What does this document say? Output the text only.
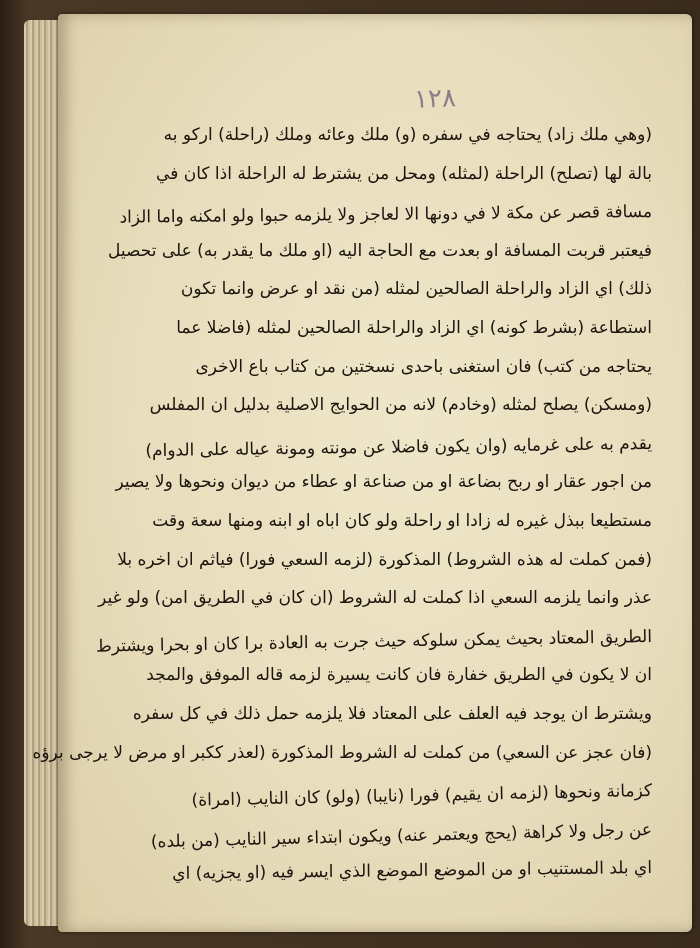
١٢٨
(وهي ملك زاد) يحتاجه في سفره (و) ملك وعائه وملك (راحلة) اركو به
بالة لها (تصلح) الراحلة (لمثله) ومحل من يشترط له الراحلة اذا كان في
مسافة قصر عن مكة لا في دونها الا لعاجز ولا يلزمه حبوا ولو امكنه واما الزاد
فيعتبر قربت المسافة او بعدت مع الحاجة اليه (او ملك ما يقدر به) على تحصيل
ذلك) اي الزاد والراحلة الصالحين لمثله (من نقد او عرض وانما تكون
استطاعة (بشرط كونه) اي الزاد والراحلة الصالحين لمثله (فاضلا عما
يحتاجه من كتب) فان استغنى باحدى نسختين من كتاب باع الاخرى
(ومسكن) يصلح لمثله (وخادم) لانه من الحوايج الاصلية بدليل ان المفلس
يقدم به على غرمايه (وان يكون فاضلا عن مونته ومونة عياله على الدوام)
من اجور عقار او ربح بضاعة او من صناعة او عطاء من ديوان ونحوها ولا يصير
مستطيعا ببذل غيره له زادا او راحلة ولو كان اباه او ابنه ومنها سعة وقت
(فمن كملت له هذه الشروط) المذكورة (لزمه السعي فورا) فياثم ان اخره بلا
عذر وانما يلزمه السعي اذا كملت له الشروط (ان كان في الطريق امن) ولو غير
الطريق المعتاد بحيث يمكن سلوكه حيث جرت به العادة برا كان او بحرا ويشترط
ان لا يكون في الطريق خفارة فان كانت يسيرة لزمه قاله الموفق والمجد
ويشترط ان يوجد فيه العلف على المعتاد فلا يلزمه حمل ذلك في كل سفره
(فان عجز عن السعي) من كملت له الشروط المذكورة (لعذر ككبر او مرض لا يرجى برؤه
كزمانة ونحوها (لزمه ان يقيم) فورا (نايبا) (ولو) كان النايب (امراة)
عن رجل ولا كراهة (يحج ويعتمر عنه) ويكون ابتداء سير النايب (من بلده)
اي بلد المستنيب او من الموضع الموضع الذي ايسر فيه (او يجزيه) اي
